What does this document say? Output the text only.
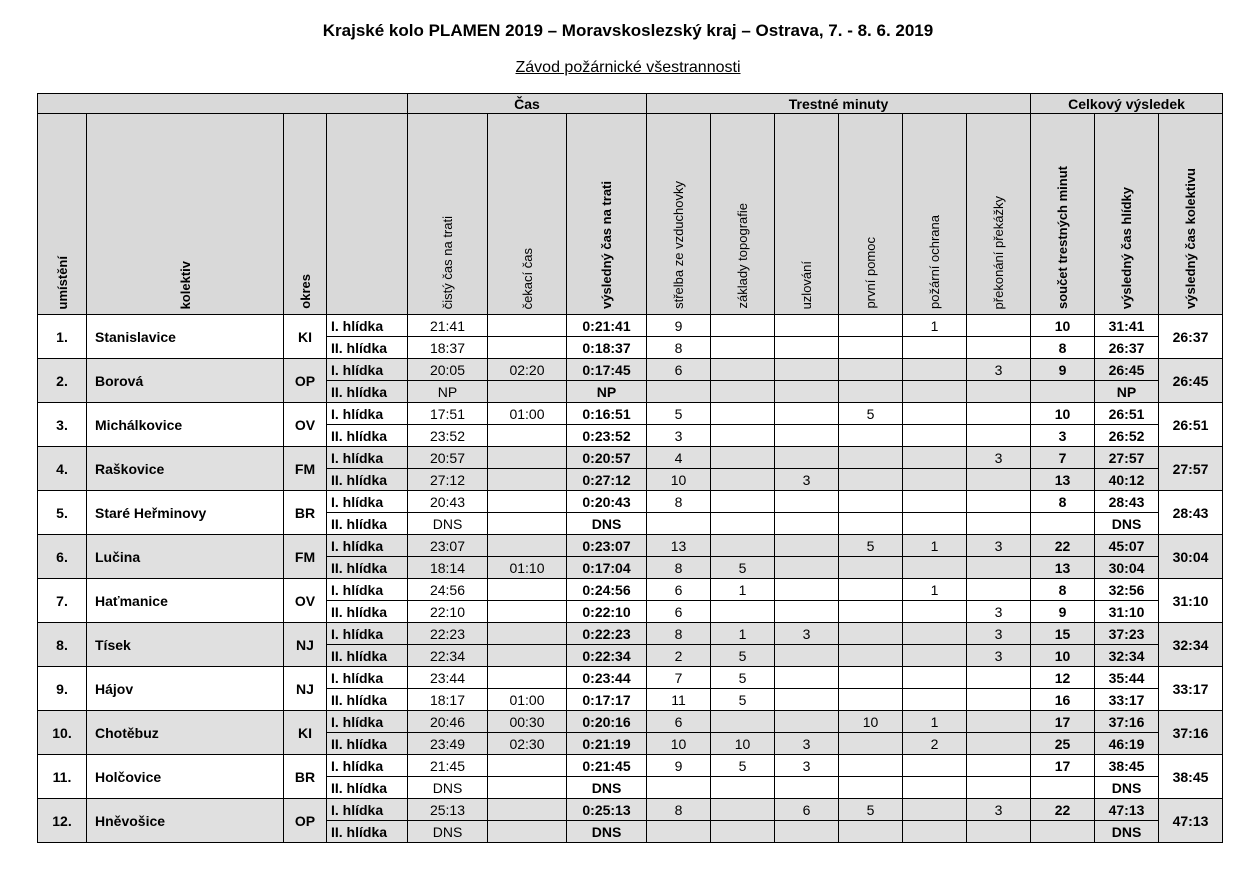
Krajské kolo PLAMEN 2019 – Moravskoslezský kraj – Ostrava, 7. - 8. 6. 2019
Závod požárnické všestrannosti
				Čas			Trestné minuty						Celkový výsledek		
umístění	kolektiv	okres		čistý čas na trati	čekací čas	výsledný čas na trati	střelba ze vzduchovky	základy topografie	uzlování	první pomoc	požární ochrana	překonání překážky	součet trestných minut	výsledný čas hlídky	výsledný čas kolektivu
1.	Stanislavice	KI	I. hlídka	21:41		0:21:41	9				1		10	31:41	26:37
			II. hlídka	18:37		0:18:37	8						8	26:37	
2.	Borová	OP	I. hlídka	20:05	02:20	0:17:45	6					3	9	26:45	26:45
			II. hlídka	NP		NP								NP	
3.	Michálkovice	OV	I. hlídka	17:51	01:00	0:16:51	5			5			10	26:51	26:51
			II. hlídka	23:52		0:23:52	3						3	26:52	
4.	Raškovice	FM	I. hlídka	20:57		0:20:57	4					3	7	27:57	27:57
			II. hlídka	27:12		0:27:12	10		3				13	40:12	
5.	Staré Heřminovy	BR	I. hlídka	20:43		0:20:43	8						8	28:43	28:43
			II. hlídka	DNS		DNS								DNS	
6.	Lučina	FM	I. hlídka	23:07		0:23:07	13			5	1	3	22	45:07	30:04
			II. hlídka	18:14	01:10	0:17:04	8	5					13	30:04	
7.	Haťmanice	OV	I. hlídka	24:56		0:24:56	6	1			1		8	32:56	31:10
			II. hlídka	22:10		0:22:10	6					3	9	31:10	
8.	Tísek	NJ	I. hlídka	22:23		0:22:23	8	1	3			3	15	37:23	32:34
			II. hlídka	22:34		0:22:34	2	5				3	10	32:34	
9.	Hájov	NJ	I. hlídka	23:44		0:23:44	7	5					12	35:44	33:17
			II. hlídka	18:17	01:00	0:17:17	11	5					16	33:17	
10.	Chotěbuz	KI	I. hlídka	20:46	00:30	0:20:16	6			10	1		17	37:16	37:16
			II. hlídka	23:49	02:30	0:21:19	10	10	3		2		25	46:19	
11.	Holčovice	BR	I. hlídka	21:45		0:21:45	9	5	3				17	38:45	38:45
			II. hlídka	DNS		DNS								DNS	
12.	Hněvošice	OP	I. hlídka	25:13		0:25:13	8		6	5		3	22	47:13	47:13
			II. hlídka	DNS		DNS								DNS	
